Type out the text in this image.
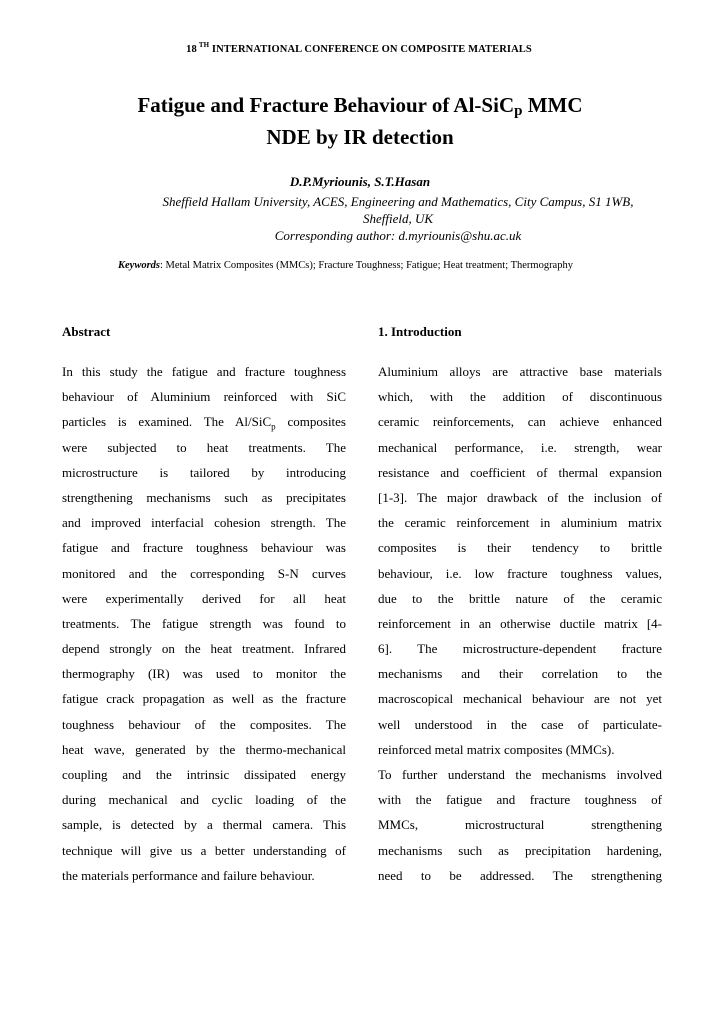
18 $^{TH}$ INTERNATIONAL CONFERENCE ON COMPOSITE MATERIALS
Fatigue and Fracture Behaviour of Al-SiC$_p$ MMC
NDE by IR detection
D.P.Myriounis, S.T.Hasan
Sheffield Hallam University, ACES, Engineering and Mathematics, City Campus, S1 1WB,
Sheffield, UK
Corresponding author: d.myriounis@shu.ac.uk
Keywords: Metal Matrix Composites (MMCs); Fracture Toughness; Fatigue; Heat treatment; Thermography
Abstract
In this study the fatigue and fracture toughness
behaviour of Aluminium reinforced with SiC
particles is examined. The Al/SiC$_p$ composites
were subjected to heat treatments. The
microstructure is tailored by introducing
strengthening mechanisms such as precipitates
and improved interfacial cohesion strength. The
fatigue and fracture toughness behaviour was
monitored and the corresponding S-N curves
were experimentally derived for all heat
treatments. The fatigue strength was found to
depend strongly on the heat treatment. Infrared
thermography (IR) was used to monitor the
fatigue crack propagation as well as the fracture
toughness behaviour of the composites. The
heat wave, generated by the thermo-mechanical
coupling and the intrinsic dissipated energy
during mechanical and cyclic loading of the
sample, is detected by a thermal camera. This
technique will give us a better understanding of
the materials performance and failure behaviour.
1. Introduction
Aluminium alloys are attractive base materials
which, with the addition of discontinuous
ceramic reinforcements, can achieve enhanced
mechanical performance, i.e. strength, wear
resistance and coefficient of thermal expansion
[1-3]. The major drawback of the inclusion of
the ceramic reinforcement in aluminium matrix
composites is their tendency to brittle
behaviour, i.e. low fracture toughness values,
due to the brittle nature of the ceramic
reinforcement in an otherwise ductile matrix [4-
6]. The microstructure-dependent fracture
mechanisms and their correlation to the
macroscopical mechanical behaviour are not yet
well understood in the case of particulate-
reinforced metal matrix composites (MMCs).
To further understand the mechanisms involved
with the fatigue and fracture toughness of
MMCs, microstructural strengthening
mechanisms such as precipitation hardening,
need to be addressed. The strengthening
